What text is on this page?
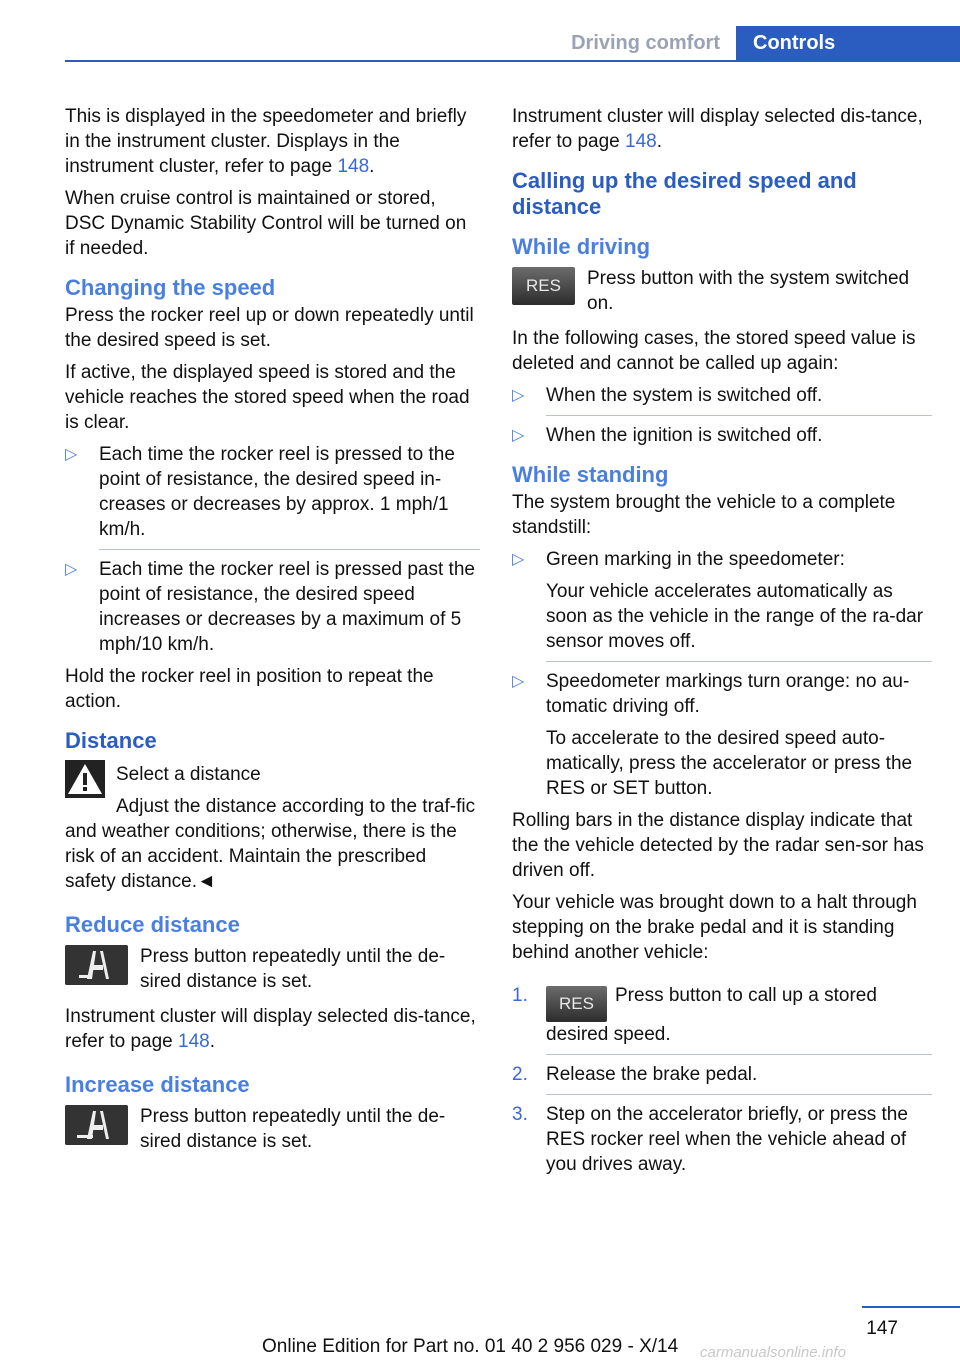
Driving comfort	Controls

This is displayed in the speedometer and briefly in the instrument cluster. Displays in the instrument cluster, refer to page 148.

When cruise control is maintained or stored, DSC Dynamic Stability Control will be turned on if needed.

Changing the speed

Press the rocker reel up or down repeatedly until the desired speed is set.

If active, the displayed speed is stored and the vehicle reaches the stored speed when the road is clear.

▷ Each time the rocker reel is pressed to the point of resistance, the desired speed in-creases or decreases by approx. 1 mph/1 km/h.
▷ Each time the rocker reel is pressed past the point of resistance, the desired speed increases or decreases by a maximum of 5 mph/10 km/h.

Hold the rocker reel in position to repeat the action.

Distance

Select a distance

Adjust the distance according to the traf-fic and weather conditions; otherwise, there is the risk of an accident. Maintain the prescribed safety distance.◄

Reduce distance

Press button repeatedly until the de-sired distance is set.

Instrument cluster will display selected dis-tance, refer to page 148.

Increase distance

Press button repeatedly until the de-sired distance is set.

Instrument cluster will display selected dis-tance, refer to page 148.

Calling up the desired speed and distance
While driving
RES	Press button with the system switched on.

In the following cases, the stored speed value is deleted and cannot be called up again:

▷ When the system is switched off.
▷ When the ignition is switched off.
While standing

The system brought the vehicle to a complete standstill:

▷ Green marking in the speedometer:
Your vehicle accelerates automatically as soon as the vehicle in the range of the ra-dar sensor moves off.
▷ Speedometer markings turn orange: no au-tomatic driving off.
To accelerate to the desired speed auto-matically, press the accelerator or press the RES or SET button.

Rolling bars in the distance display indicate that the the vehicle detected by the radar sen-sor has driven off.

Your vehicle was brought down to a halt through stepping on the brake pedal and it is standing behind another vehicle:

1. RES Press button to call up a stored desired speed.
2. Release the brake pedal.
3. Step on the accelerator briefly, or press the RES rocker reel when the vehicle ahead of you drives away.
147
Online Edition for Part no. 01 40 2 956 029 - X/14 carmanualsonline.info
